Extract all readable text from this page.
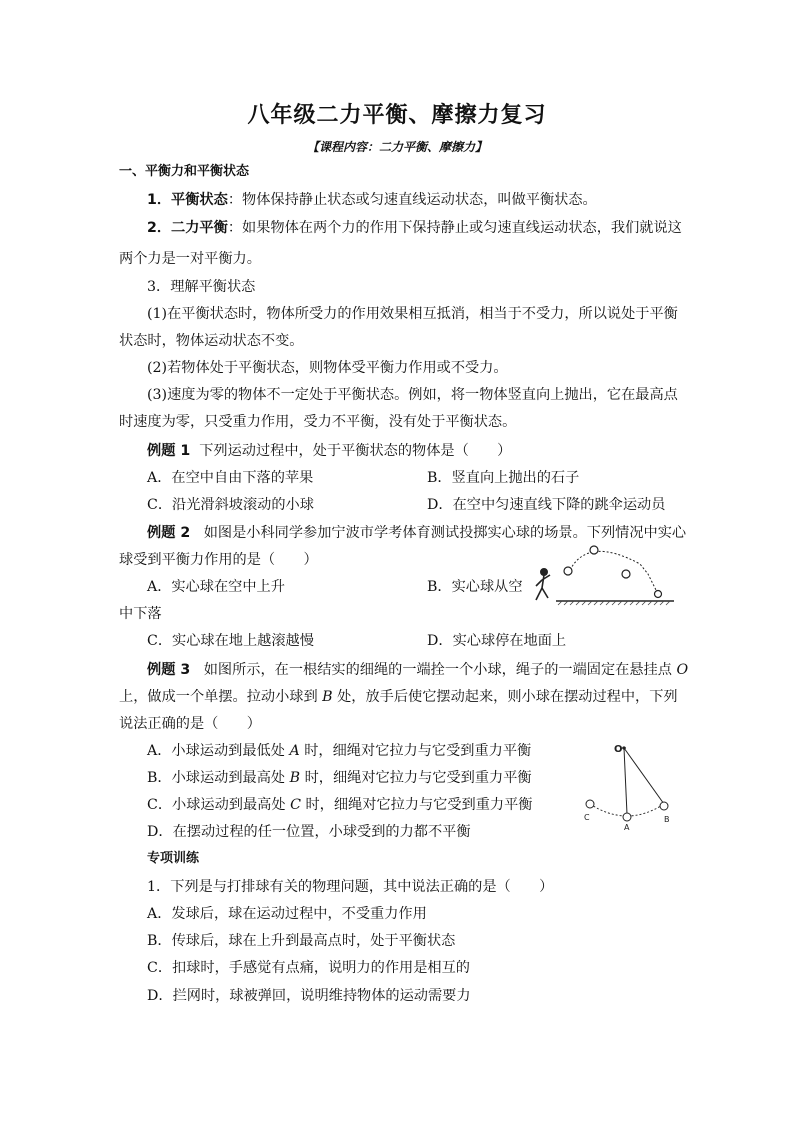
八年级二力平衡、摩擦力复习
【课程内容：二力平衡、摩擦力】
一、平衡力和平衡状态
1．平衡状态：物体保持静止状态或匀速直线运动状态，叫做平衡状态。
2．二力平衡：如果物体在两个力的作用下保持静止或匀速直线运动状态，我们就说这
两个力是一对平衡力。
3．理解平衡状态
(1)在平衡状态时，物体所受力的作用效果相互抵消，相当于不受力，所以说处于平衡
状态时，物体运动状态不变。
(2)若物体处于平衡状态，则物体受平衡力作用或不受力。
(3)速度为零的物体不一定处于平衡状态。例如，将一物体竖直向上抛出，它在最高点
时速度为零，只受重力作用，受力不平衡，没有处于平衡状态。
例题 1 下列运动过程中，处于平衡状态的物体是（　　）
A．在空中自由下落的苹果	B．竖直向上抛出的石子
C．沿光滑斜坡滚动的小球	D．在空中匀速直线下降的跳伞运动员
例题 2 如图是小科同学参加宁波市学考体育测试投掷实心球的场景。下列情况中实心
球受到平衡力作用的是（　　）
A．实心球在空中上升	B．实心球从空
中下落
C．实心球在地上越滚越慢	D．实心球停在地面上
例题 3 如图所示，在一根结实的细绳的一端拴一个小球，绳子的一端固定在悬挂点 O
上，做成一个单摆。拉动小球到 B 处，放手后使它摆动起来，则小球在摆动过程中，下列
说法正确的是（　　）
A．小球运动到最低处 A 时，细绳对它拉力与它受到重力平衡
B．小球运动到最高处 B 时，细绳对它拉力与它受到重力平衡
C．小球运动到最高处 C 时，细绳对它拉力与它受到重力平衡
D．在摆动过程的任一位置，小球受到的力都不平衡
O
C
A
B
专项训练
1．下列是与打排球有关的物理问题，其中说法正确的是（　　）
A．发球后，球在运动过程中，不受重力作用
B．传球后，球在上升到最高点时，处于平衡状态
C．扣球时，手感觉有点痛，说明力的作用是相互的
D．拦网时，球被弹回，说明维持物体的运动需要力
